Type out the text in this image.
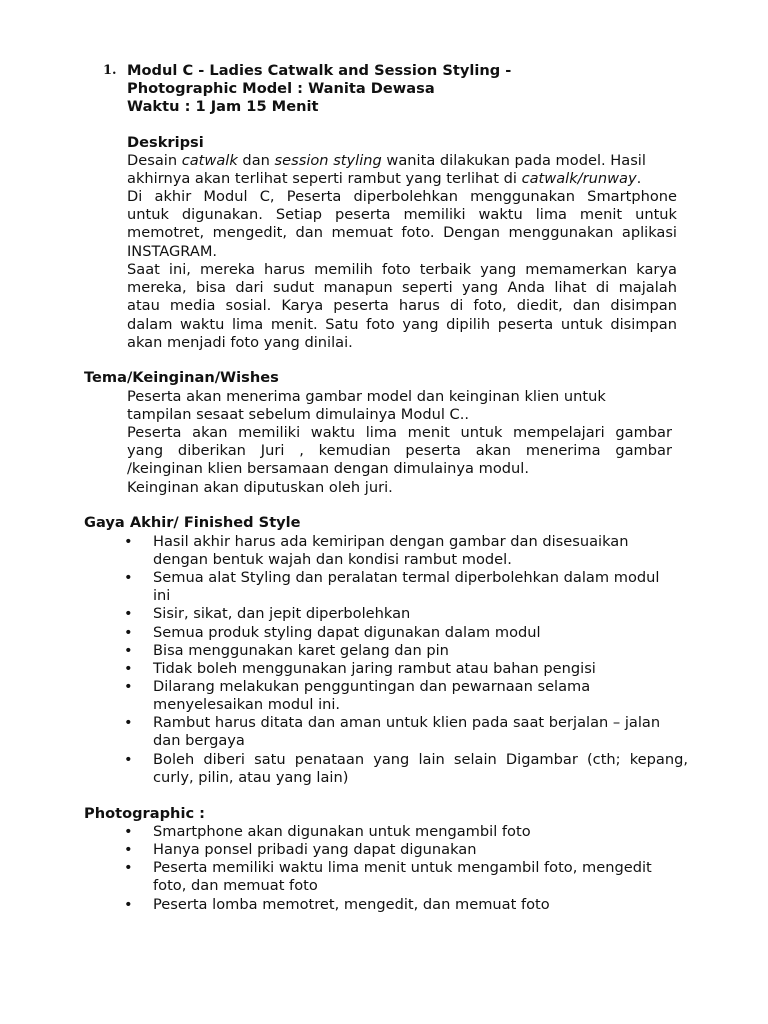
1. Modul C - Ladies Catwalk and Session Styling -
Photographic Model : Wanita Dewasa
Waktu : 1 Jam 15 Menit
Deskripsi
Desain catwalk dan session styling wanita dilakukan pada model. Hasil
akhirnya akan terlihat seperti rambut yang terlihat di catwalk/runway.
Di akhir Modul C, Peserta diperbolehkan menggunakan Smartphone
untuk digunakan. Setiap peserta memiliki waktu lima menit untuk
memotret, mengedit, dan memuat foto. Dengan menggunakan aplikasi
INSTAGRAM.
Saat ini, mereka harus memilih foto terbaik yang memamerkan karya
mereka, bisa dari sudut manapun seperti yang Anda lihat di majalah
atau media sosial. Karya peserta harus di foto, diedit, dan disimpan
dalam waktu lima menit. Satu foto yang dipilih peserta untuk disimpan
akan menjadi foto yang dinilai.
Tema/Keinginan/Wishes
Peserta akan menerima gambar model dan keinginan klien untuk
tampilan sesaat sebelum dimulainya Modul C..
Peserta akan memiliki waktu lima menit untuk mempelajari gambar
yang diberikan Juri , kemudian peserta akan menerima gambar
/keinginan klien bersamaan dengan dimulainya modul.
Keinginan akan diputuskan oleh juri.
Gaya Akhir/ Finished Style
• Hasil akhir harus ada kemiripan dengan gambar dan disesuaikan
dengan bentuk wajah dan kondisi rambut model.
• Semua alat Styling dan peralatan termal diperbolehkan dalam modul
ini
• Sisir, sikat, dan jepit diperbolehkan
• Semua produk styling dapat digunakan dalam modul
• Bisa menggunakan karet gelang dan pin
• Tidak boleh menggunakan jaring rambut atau bahan pengisi
• Dilarang melakukan pengguntingan dan pewarnaan selama
menyelesaikan modul ini.
• Rambut harus ditata dan aman untuk klien pada saat berjalan – jalan
dan bergaya
• Boleh diberi satu penataan yang lain selain Digambar (cth; kepang,
curly, pilin, atau yang lain)
Photographic :
• Smartphone akan digunakan untuk mengambil foto
• Hanya ponsel pribadi yang dapat digunakan
• Peserta memiliki waktu lima menit untuk mengambil foto, mengedit
foto, dan memuat foto
• Peserta lomba memotret, mengedit, dan memuat foto
